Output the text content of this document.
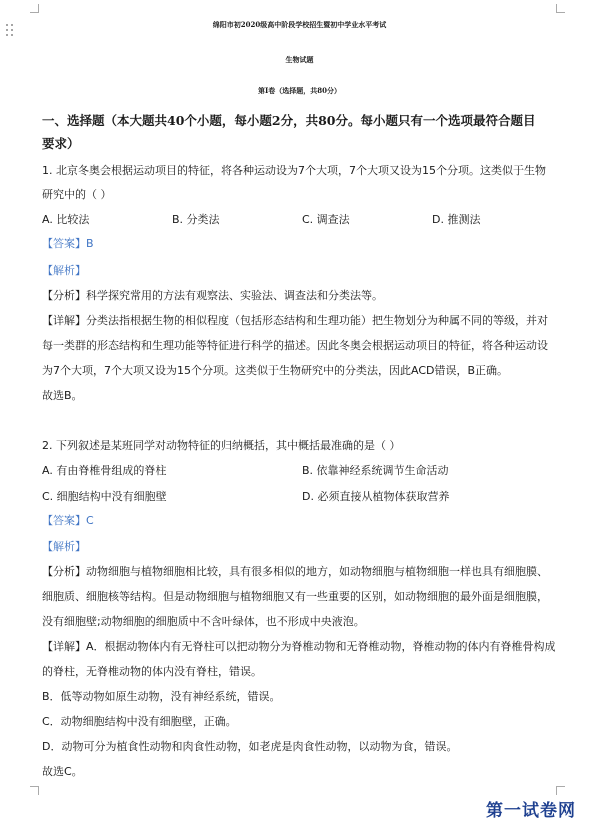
绵阳市初2020级高中阶段学校招生暨初中学业水平考试
生物试题
第I卷（选择题，共80分）
一、选择题（本大题共40个小题，每小题2分，共80分。每小题只有一个选项最符合题目
要求）
1. 北京冬奥会根据运动项目的特征，将各种运动设为7个大项，7个大项又设为15个分项。这类似于生物
研究中的（ ）
A. 比较法	B. 分类法	C. 调查法	D. 推测法
【答案】B
【解析】
【分析】科学探究常用的方法有观察法、实验法、调查法和分类法等。
【详解】分类法指根据生物的相似程度（包括形态结构和生理功能）把生物划分为种属不同的等级，并对
每一类群的形态结构和生理功能等特征进行科学的描述。因此冬奥会根据运动项目的特征，将各种运动设
为7个大项，7个大项又设为15个分项。这类似于生物研究中的分类法，因此ACD错误，B正确。
故选B。
2. 下列叙述是某班同学对动物特征的归纳概括，其中概括最准确的是（ ）
A. 有由脊椎骨组成的脊柱	B. 依靠神经系统调节生命活动
C. 细胞结构中没有细胞壁	D. 必须直接从植物体获取营养
【答案】C
【解析】
【分析】动物细胞与植物细胞相比较，具有很多相似的地方，如动物细胞与植物细胞一样也具有细胞膜、
细胞质、细胞核等结构。但是动物细胞与植物细胞又有一些重要的区别，如动物细胞的最外面是细胞膜，
没有细胞壁;动物细胞的细胞质中不含叶绿体，也不形成中央液泡。
【详解】A．根据动物体内有无脊柱可以把动物分为脊椎动物和无脊椎动物，脊椎动物的体内有脊椎骨构成
的脊柱，无脊椎动物的体内没有脊柱，错误。
B．低等动物如原生动物，没有神经系统，错误。
C．动物细胞结构中没有细胞壁，正确。
D．动物可分为植食性动物和肉食性动物，如老虎是肉食性动物，以动物为食，错误。
故选C。
第一试卷网
